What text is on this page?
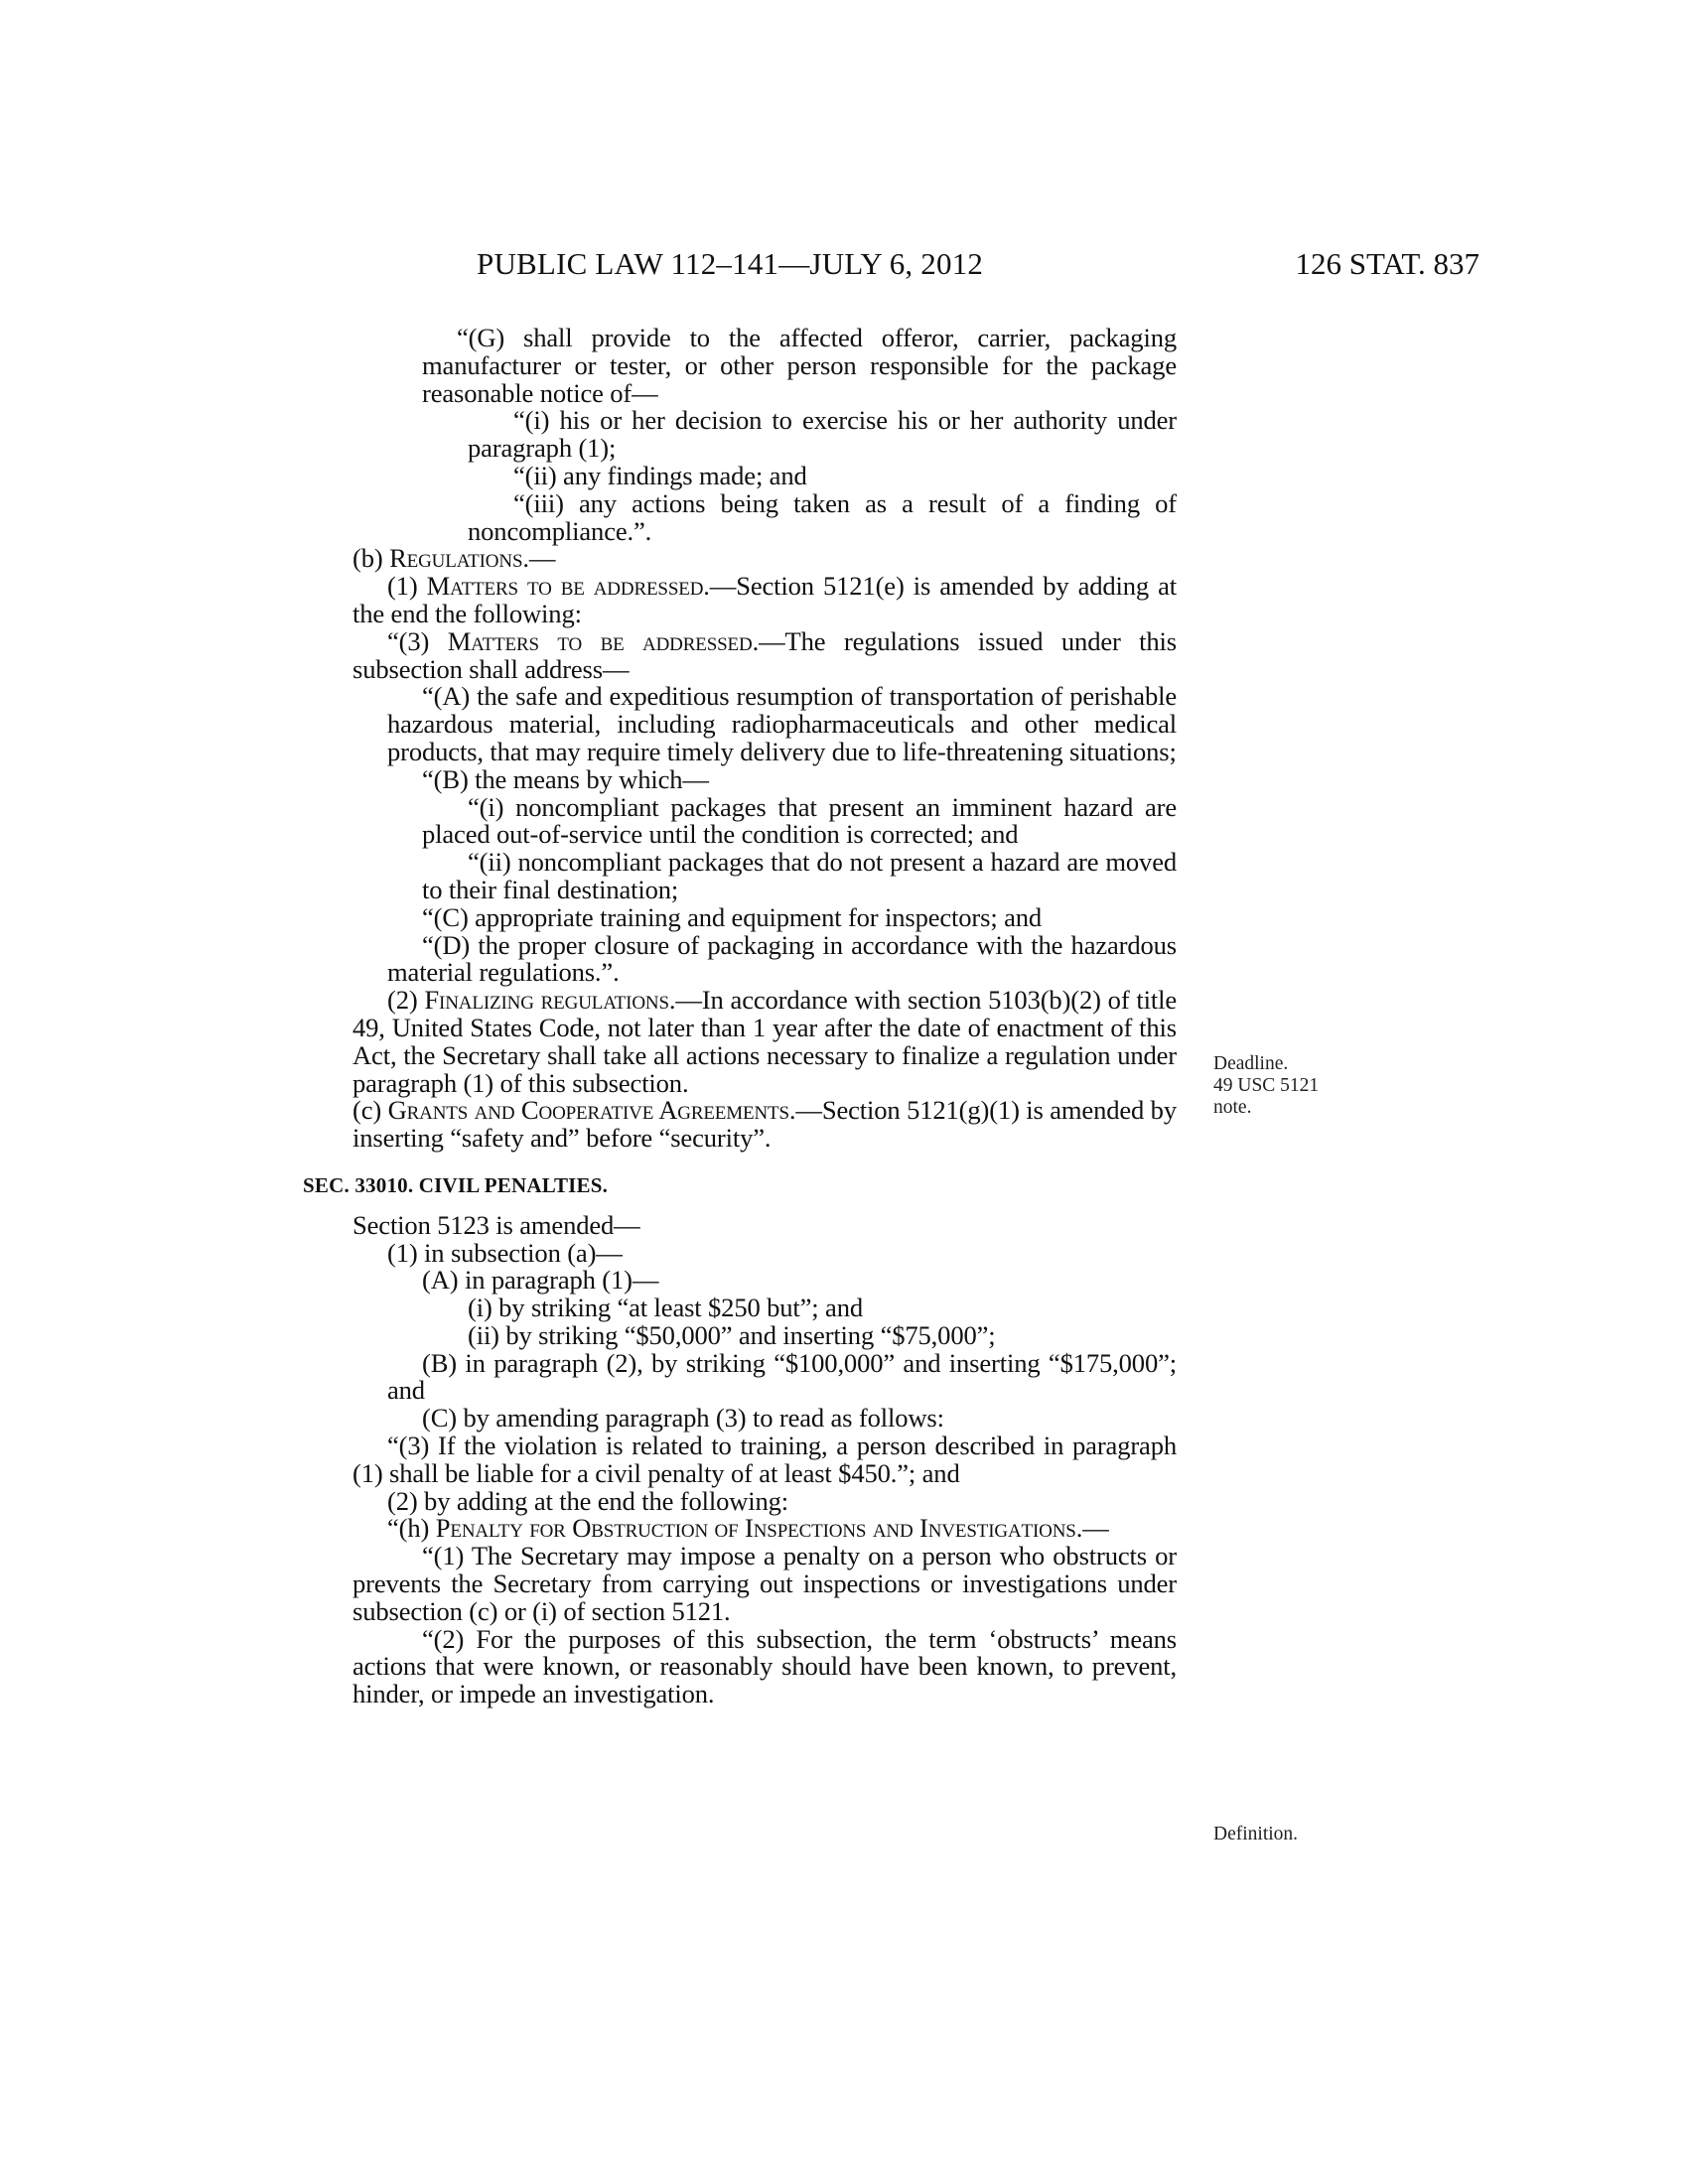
PUBLIC LAW 112–141—JULY 6, 2012	126 STAT. 837

“(G) shall provide to the affected offeror, carrier, packaging manufacturer or tester, or other person responsible for the package reasonable notice of—

“(i) his or her decision to exercise his or her authority under paragraph (1);

“(ii) any findings made; and

“(iii) any actions being taken as a result of a finding of noncompliance.”.

(b) Regulations.—

(1) Matters to be addressed.—Section 5121(e) is amended by adding at the end the following:

“(3) Matters to be addressed.—The regulations issued under this subsection shall address—

“(A) the safe and expeditious resumption of transportation of perishable hazardous material, including radiopharmaceuticals and other medical products, that may require timely delivery due to life-threatening situations;

“(B) the means by which—

“(i) noncompliant packages that present an imminent hazard are placed out-of-service until the condition is corrected; and

“(ii) noncompliant packages that do not present a hazard are moved to their final destination;

“(C) appropriate training and equipment for inspectors; and

“(D) the proper closure of packaging in accordance with the hazardous material regulations.”.

(2) Finalizing regulations.—In accordance with section 5103(b)(2) of title 49, United States Code, not later than 1 year after the date of enactment of this Act, the Secretary shall take all actions necessary to finalize a regulation under paragraph (1) of this subsection.

(c) Grants and Cooperative Agreements.—Section 5121(g)(1) is amended by inserting “safety and” before “security”.

SEC. 33010. CIVIL PENALTIES.

Section 5123 is amended—

(1) in subsection (a)—

(A) in paragraph (1)—

(i) by striking “at least $250 but”; and

(ii) by striking “$50,000” and inserting “$75,000”;

(B) in paragraph (2), by striking “$100,000” and inserting “$175,000”; and

(C) by amending paragraph (3) to read as follows:

“(3) If the violation is related to training, a person described in paragraph (1) shall be liable for a civil penalty of at least $450.”; and

(2) by adding at the end the following:

“(h) Penalty for Obstruction of Inspections and Investigations.—

“(1) The Secretary may impose a penalty on a person who obstructs or prevents the Secretary from carrying out inspections or investigations under subsection (c) or (i) of section 5121.

“(2) For the purposes of this subsection, the term ‘obstructs’ means actions that were known, or reasonably should have been known, to prevent, hinder, or impede an investigation.

Deadline.
49 USC 5121
note.
Definition.
